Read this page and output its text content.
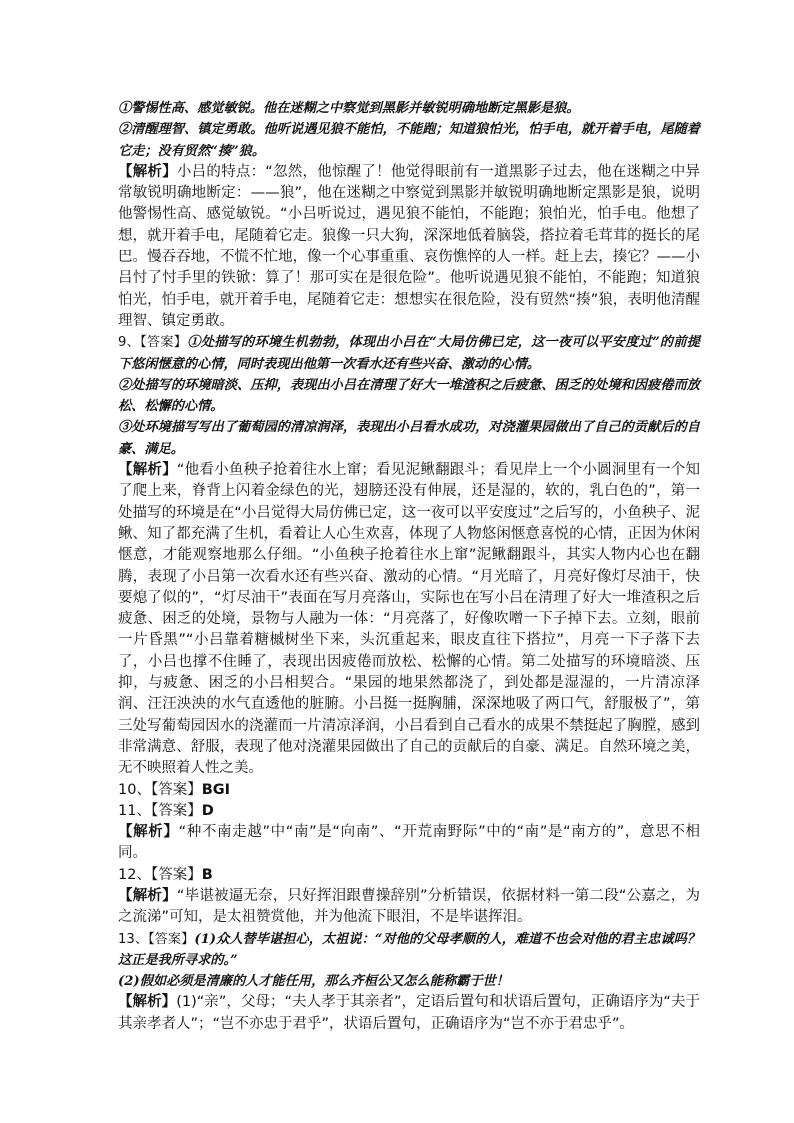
①警惕性高、感觉敏锐。他在迷糊之中察觉到黑影并敏锐明确地断定黑影是狼。

②清醒理智、镇定勇敢。他听说遇见狼不能怕，不能跑；知道狼怕光，怕手电，就开着手电，尾随着它走；没有贸然“揍”狼。

【解析】小吕的特点：“忽然，他惊醒了！他觉得眼前有一道黑影子过去，他在迷糊之中异常敏锐明确地断定：——狼”，他在迷糊之中察觉到黑影并敏锐明确地断定黑影是狼，说明他警惕性高、感觉敏锐。“小吕听说过，遇见狼不能怕，不能跑；狼怕光，怕手电。他想了想，就开着手电，尾随着它走。狼像一只大狗，深深地低着脑袋，搭拉着毛茸茸的挺长的尾巴。慢吞吞地，不慌不忙地，像一个心事重重、哀伤憔悴的人一样。赶上去，揍它？——小吕忖了忖手里的铁锨：算了！那可实在是很危险”。他听说遇见狼不能怕，不能跑；知道狼怕光，怕手电，就开着手电，尾随着它走：想想实在很危险，没有贸然“揍”狼，表明他清醒理智、镇定勇敢。

9、【答案】①处描写的环境生机勃勃，体现出小吕在“大局仿佛已定，这一夜可以平安度过”的前提下悠闲惬意的心情，同时表现出他第一次看水还有些兴奋、激动的心情。

②处描写的环境暗淡、压抑，表现出小吕在清理了好大一堆渣积之后疲惫、困乏的处境和因疲倦而放松、松懈的心情。

③处环境描写写出了葡萄园的清凉润泽，表现出小吕看水成功，对浇灌果园做出了自己的贡献后的自豪、满足。

【解析】“他看小鱼秧子抢着往水上窜；看见泥鳅翻跟斗；看见岸上一个小圆洞里有一个知了爬上来，脊背上闪着金绿色的光，翅膀还没有伸展，还是湿的，软的，乳白色的”，第一处描写的环境是在“小吕觉得大局仿佛已定，这一夜可以平安度过”之后写的，小鱼秧子、泥鳅、知了都充满了生机，看着让人心生欢喜，体现了人物悠闲惬意喜悦的心情，正因为休闲惬意，才能观察地那么仔细。“小鱼秧子抢着往水上窜”泥鳅翻跟斗，其实人物内心也在翻腾，表现了小吕第一次看水还有些兴奋、激动的心情。“月光暗了，月亮好像灯尽油干，快要熄了似的”，“灯尽油干”表面在写月亮落山，实际也在写小吕在清理了好大一堆渣积之后疲惫、困乏的处境，景物与人融为一体：“月亮落了，好像吹噌一下子掉下去。立刻，眼前一片昏黑”“小吕靠着糖槭树坐下来，头沉重起来，眼皮直往下搭拉”，月亮一下子落下去了，小吕也撑不住睡了，表现出因疲倦而放松、松懈的心情。第二处描写的环境暗淡、压抑，与疲惫、困乏的小吕相契合。“果园的地果然都浇了，到处都是湿湿的，一片清凉泽润、汪汪泱泱的水气直透他的脏腑。小吕挺一挺胸脯，深深地吸了两口气，舒服极了”，第三处写葡萄园因水的浇灌而一片清凉泽润，小吕看到自己看水的成果不禁挺起了胸膛，感到非常满意、舒服，表现了他对浇灌果园做出了自己的贡献后的自豪、满足。自然环境之美，无不映照着人性之美。

10、【答案】BGI

11、【答案】D

【解析】“种不南走越”中“南”是“向南”、“开荒南野际”中的“南”是“南方的”，意思不相同。

12、【答案】B

【解析】“毕谌被逼无奈，只好挥泪跟曹操辞别”分析错误，依据材料一第二段“公嘉之，为之流涕”可知，是太祖赞赏他，并为他流下眼泪，不是毕谌挥泪。

13、【答案】(1)众人替毕谌担心，太祖说：“对他的父母孝顺的人，难道不也会对他的君主忠诚吗？这正是我所寻求的。”

(2)假如必须是清廉的人才能任用，那么齐桓公又怎么能称霸于世！

【解析】(1)“亲”，父母；“夫人孝于其亲者”，定语后置句和状语后置句，正确语序为“夫于其亲孝者人”；“岂不亦忠于君乎”，状语后置句，正确语序为“岂不亦于君忠乎”。
